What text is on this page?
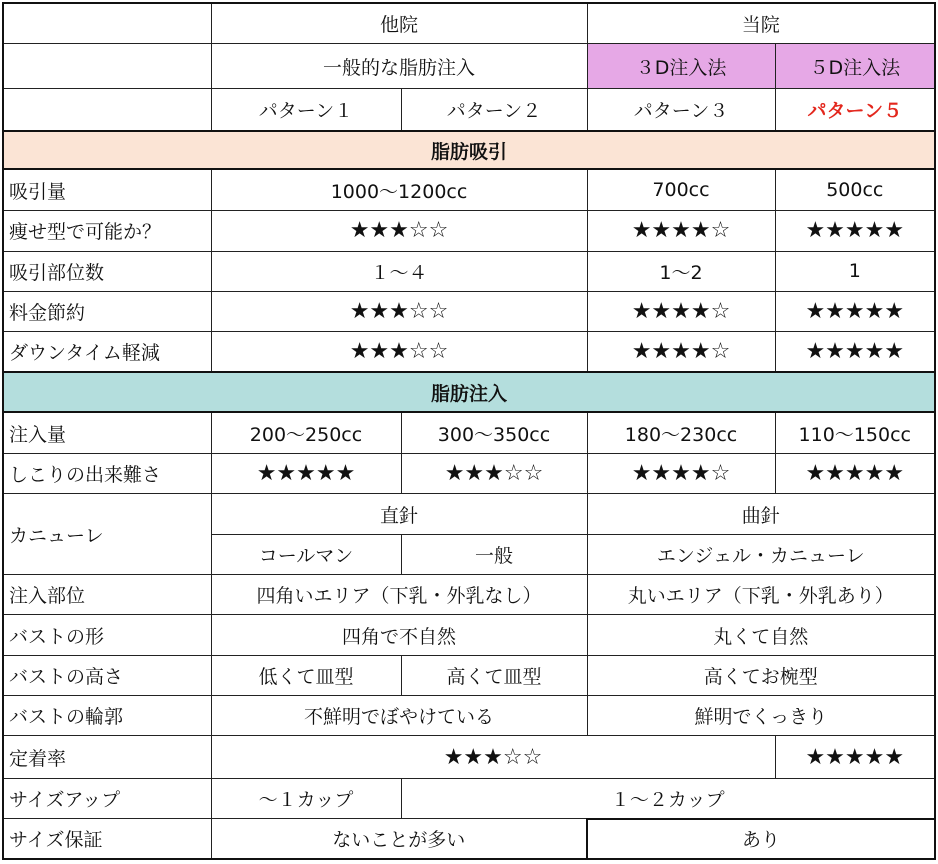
	他院		当院	
	一般的な脂肪注入		３D注入法	５D注入法
	パターン１	パターン２	パターン３	パターン５
脂肪吸引				
吸引量	1000〜1200cc		700cc	500cc
痩せ型で可能か？	★★★☆☆		★★★★☆	★★★★★
吸引部位数	１〜４		1〜2	1
料金節約	★★★☆☆		★★★★☆	★★★★★
ダウンタイム軽減	★★★☆☆		★★★★☆	★★★★★
脂肪注入				
注入量	200〜250cc	300〜350cc	180〜230cc	110〜150cc
しこりの出来難さ	★★★★★	★★★☆☆	★★★★☆	★★★★★
カニューレ	直針		曲針	
	コールマン	一般	エンジェル・カニューレ	
注入部位	四角いエリア（下乳・外乳なし）		丸いエリア（下乳・外乳あり）	
バストの形	四角で不自然		丸くて自然	
バストの高さ	低くて皿型	高くて皿型	高くてお椀型	
バストの輪郭	不鮮明でぼやけている		鮮明でくっきり	
定着率	★★★☆☆			★★★★★
サイズアップ	〜１カップ	１〜２カップ		
サイズ保証	ないことが多い		あり	
